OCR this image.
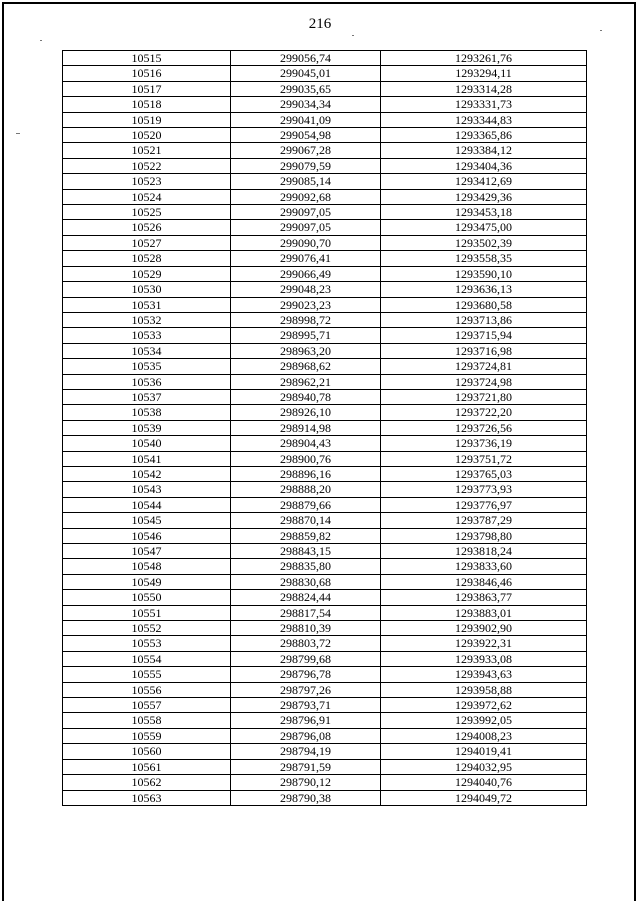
216
10515	299056,74	1293261,76
10516	299045,01	1293294,11
10517	299035,65	1293314,28
10518	299034,34	1293331,73
10519	299041,09	1293344,83
10520	299054,98	1293365,86
10521	299067,28	1293384,12
10522	299079,59	1293404,36
10523	299085,14	1293412,69
10524	299092,68	1293429,36
10525	299097,05	1293453,18
10526	299097,05	1293475,00
10527	299090,70	1293502,39
10528	299076,41	1293558,35
10529	299066,49	1293590,10
10530	299048,23	1293636,13
10531	299023,23	1293680,58
10532	298998,72	1293713,86
10533	298995,71	1293715,94
10534	298963,20	1293716,98
10535	298968,62	1293724,81
10536	298962,21	1293724,98
10537	298940,78	1293721,80
10538	298926,10	1293722,20
10539	298914,98	1293726,56
10540	298904,43	1293736,19
10541	298900,76	1293751,72
10542	298896,16	1293765,03
10543	298888,20	1293773,93
10544	298879,66	1293776,97
10545	298870,14	1293787,29
10546	298859,82	1293798,80
10547	298843,15	1293818,24
10548	298835,80	1293833,60
10549	298830,68	1293846,46
10550	298824,44	1293863,77
10551	298817,54	1293883,01
10552	298810,39	1293902,90
10553	298803,72	1293922,31
10554	298799,68	1293933,08
10555	298796,78	1293943,63
10556	298797,26	1293958,88
10557	298793,71	1293972,62
10558	298796,91	1293992,05
10559	298796,08	1294008,23
10560	298794,19	1294019,41
10561	298791,59	1294032,95
10562	298790,12	1294040,76
10563	298790,38	1294049,72
